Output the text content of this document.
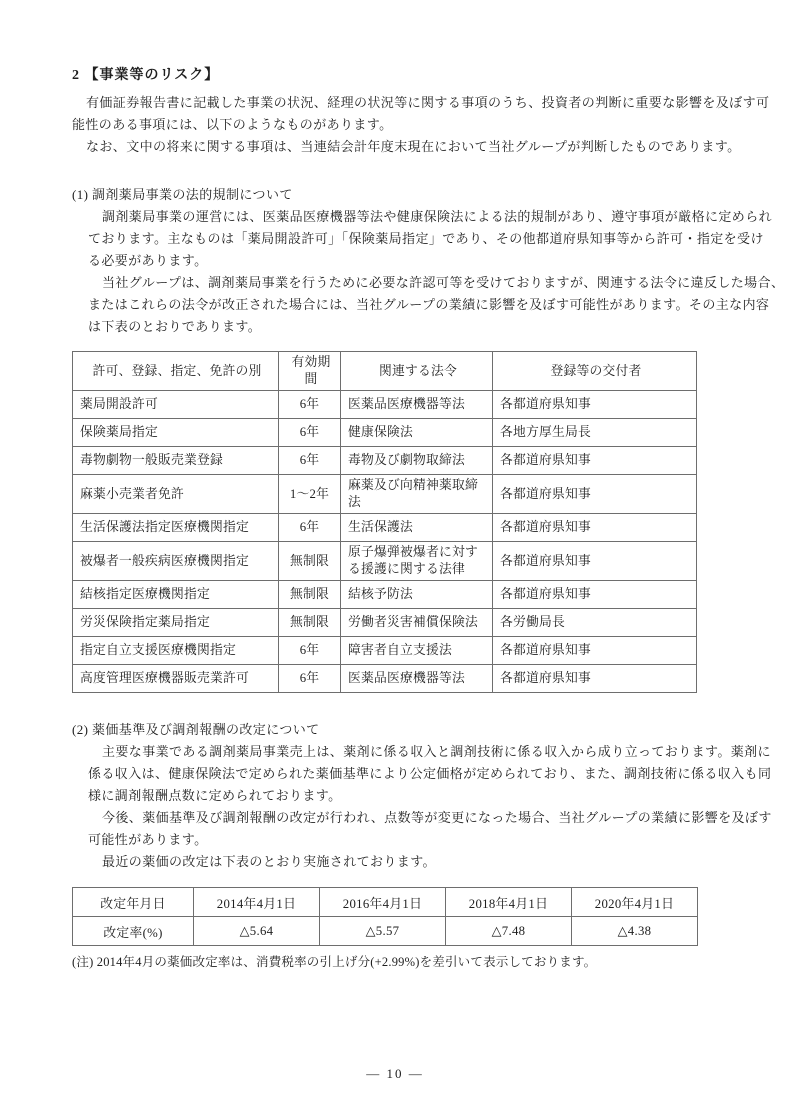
2 【事業等のリスク】
有価証券報告書に記載した事業の状況、経理の状況等に関する事項のうち、投資者の判断に重要な影響を及ぼす可
能性のある事項には、以下のようなものがあります。
なお、文中の将来に関する事項は、当連結会計年度末現在において当社グループが判断したものであります。
(1) 調剤薬局事業の法的規制について
調剤薬局事業の運営には、医薬品医療機器等法や健康保険法による法的規制があり、遵守事項が厳格に定められ
ております。主なものは「薬局開設許可」「保険薬局指定」であり、その他都道府県知事等から許可・指定を受け
る必要があります。
当社グループは、調剤薬局事業を行うために必要な許認可等を受けておりますが、関連する法令に違反した場合、
またはこれらの法令が改正された場合には、当社グループの業績に影響を及ぼす可能性があります。その主な内容
は下表のとおりであります。
許可、登録、指定、免許の別	有効期間	関連する法令	登録等の交付者
薬局開設許可	6年	医薬品医療機器等法	各都道府県知事
保険薬局指定	6年	健康保険法	各地方厚生局長
毒物劇物一般販売業登録	6年	毒物及び劇物取締法	各都道府県知事
麻薬小売業者免許	1～2年	麻薬及び向精神薬取締法	各都道府県知事
生活保護法指定医療機関指定	6年	生活保護法	各都道府県知事
被爆者一般疾病医療機関指定	無制限	原子爆弾被爆者に対する援護に関する法律	各都道府県知事
結核指定医療機関指定	無制限	結核予防法	各都道府県知事
労災保険指定薬局指定	無制限	労働者災害補償保険法	各労働局長
指定自立支援医療機関指定	6年	障害者自立支援法	各都道府県知事
高度管理医療機器販売業許可	6年	医薬品医療機器等法	各都道府県知事
(2) 薬価基準及び調剤報酬の改定について
主要な事業である調剤薬局事業売上は、薬剤に係る収入と調剤技術に係る収入から成り立っております。薬剤に
係る収入は、健康保険法で定められた薬価基準により公定価格が定められており、また、調剤技術に係る収入も同
様に調剤報酬点数に定められております。
今後、薬価基準及び調剤報酬の改定が行われ、点数等が変更になった場合、当社グループの業績に影響を及ぼす
可能性があります。
最近の薬価の改定は下表のとおり実施されております。
改定年月日	2014年4月1日	2016年4月1日	2018年4月1日	2020年4月1日
改定率(%)	△5.64	△5.57	△7.48	△4.38
(注) 2014年4月の薬価改定率は、消費税率の引上げ分(+2.99%)を差引いて表示しております。
― 10 ―
